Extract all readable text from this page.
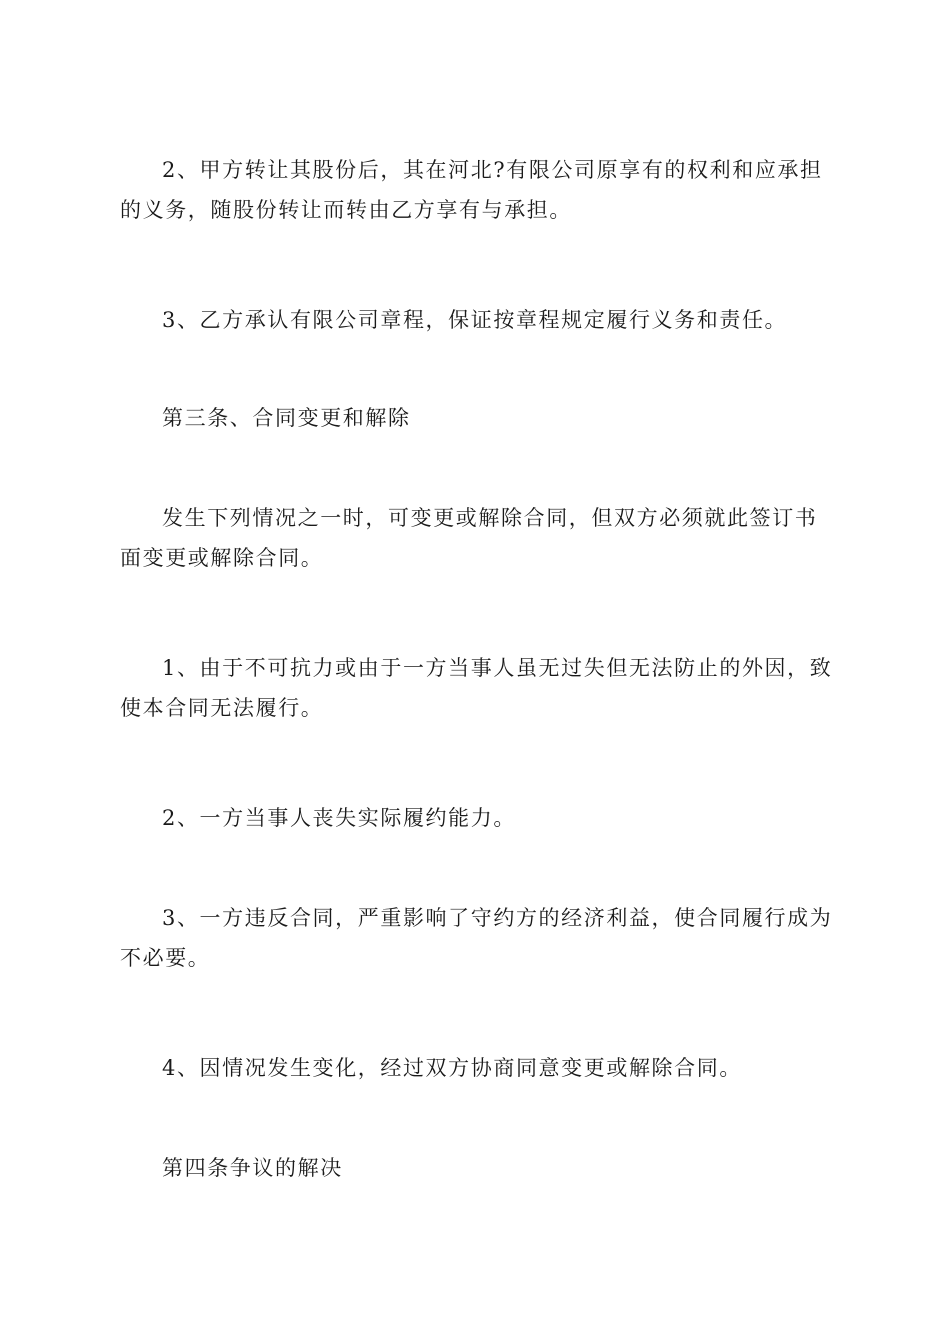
2、甲方转让其股份后，其在河北?有限公司原享有的权利和应承担
的义务，随股份转让而转由乙方享有与承担。

3、乙方承认有限公司章程，保证按章程规定履行义务和责任。

第三条、合同变更和解除

发生下列情况之一时，可变更或解除合同，但双方必须就此签订书
面变更或解除合同。

1、由于不可抗力或由于一方当事人虽无过失但无法防止的外因，致
使本合同无法履行。

2、一方当事人丧失实际履约能力。

3、一方违反合同，严重影响了守约方的经济利益，使合同履行成为
不必要。

4、因情况发生变化，经过双方协商同意变更或解除合同。

第四条争议的解决
